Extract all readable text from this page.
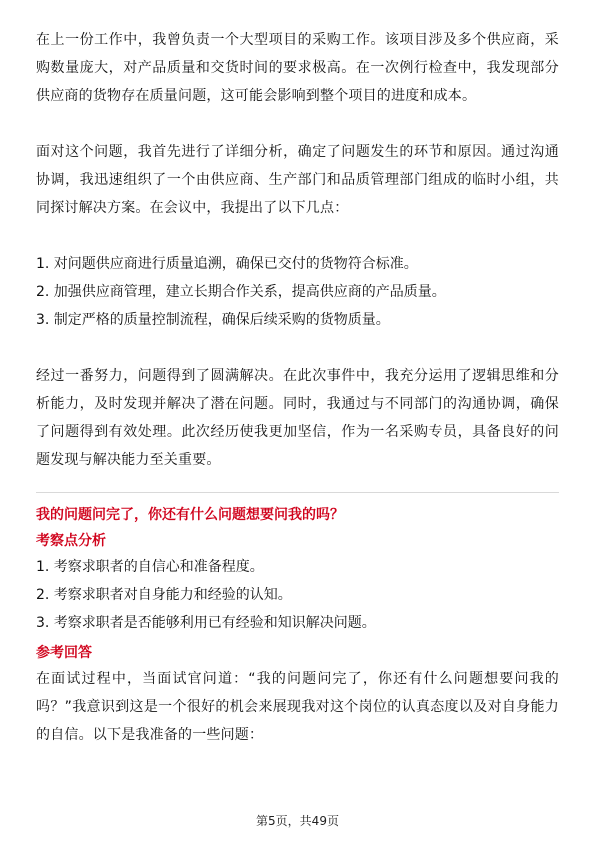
在上一份工作中，我曾负责一个大型项目的采购工作。该项目涉及多个供应商，采购数量庞大，对产品质量和交货时间的要求极高。在一次例行检查中，我发现部分供应商的货物存在质量问题，这可能会影响到整个项目的进度和成本。

面对这个问题，我首先进行了详细分析，确定了问题发生的环节和原因。通过沟通协调，我迅速组织了一个由供应商、生产部门和品质管理部门组成的临时小组，共同探讨解决方案。在会议中，我提出了以下几点：

1. 对问题供应商进行质量追溯，确保已交付的货物符合标准。

2. 加强供应商管理，建立长期合作关系，提高供应商的产品质量。

3. 制定严格的质量控制流程，确保后续采购的货物质量。

经过一番努力，问题得到了圆满解决。在此次事件中，我充分运用了逻辑思维和分析能力，及时发现并解决了潜在问题。同时，我通过与不同部门的沟通协调，确保了问题得到有效处理。此次经历使我更加坚信，作为一名采购专员，具备良好的问题发现与解决能力至关重要。

我的问题问完了，你还有什么问题想要问我的吗？

考察点分析

1. 考察求职者的自信心和准备程度。

2. 考察求职者对自身能力和经验的认知。

3. 考察求职者是否能够利用已有经验和知识解决问题。

参考回答

在面试过程中，当面试官问道：“我的问题问完了，你还有什么问题想要问我的吗？”我意识到这是一个很好的机会来展现我对这个岗位的认真态度以及对自身能力的自信。以下是我准备的一些问题：

第5页，共49页
